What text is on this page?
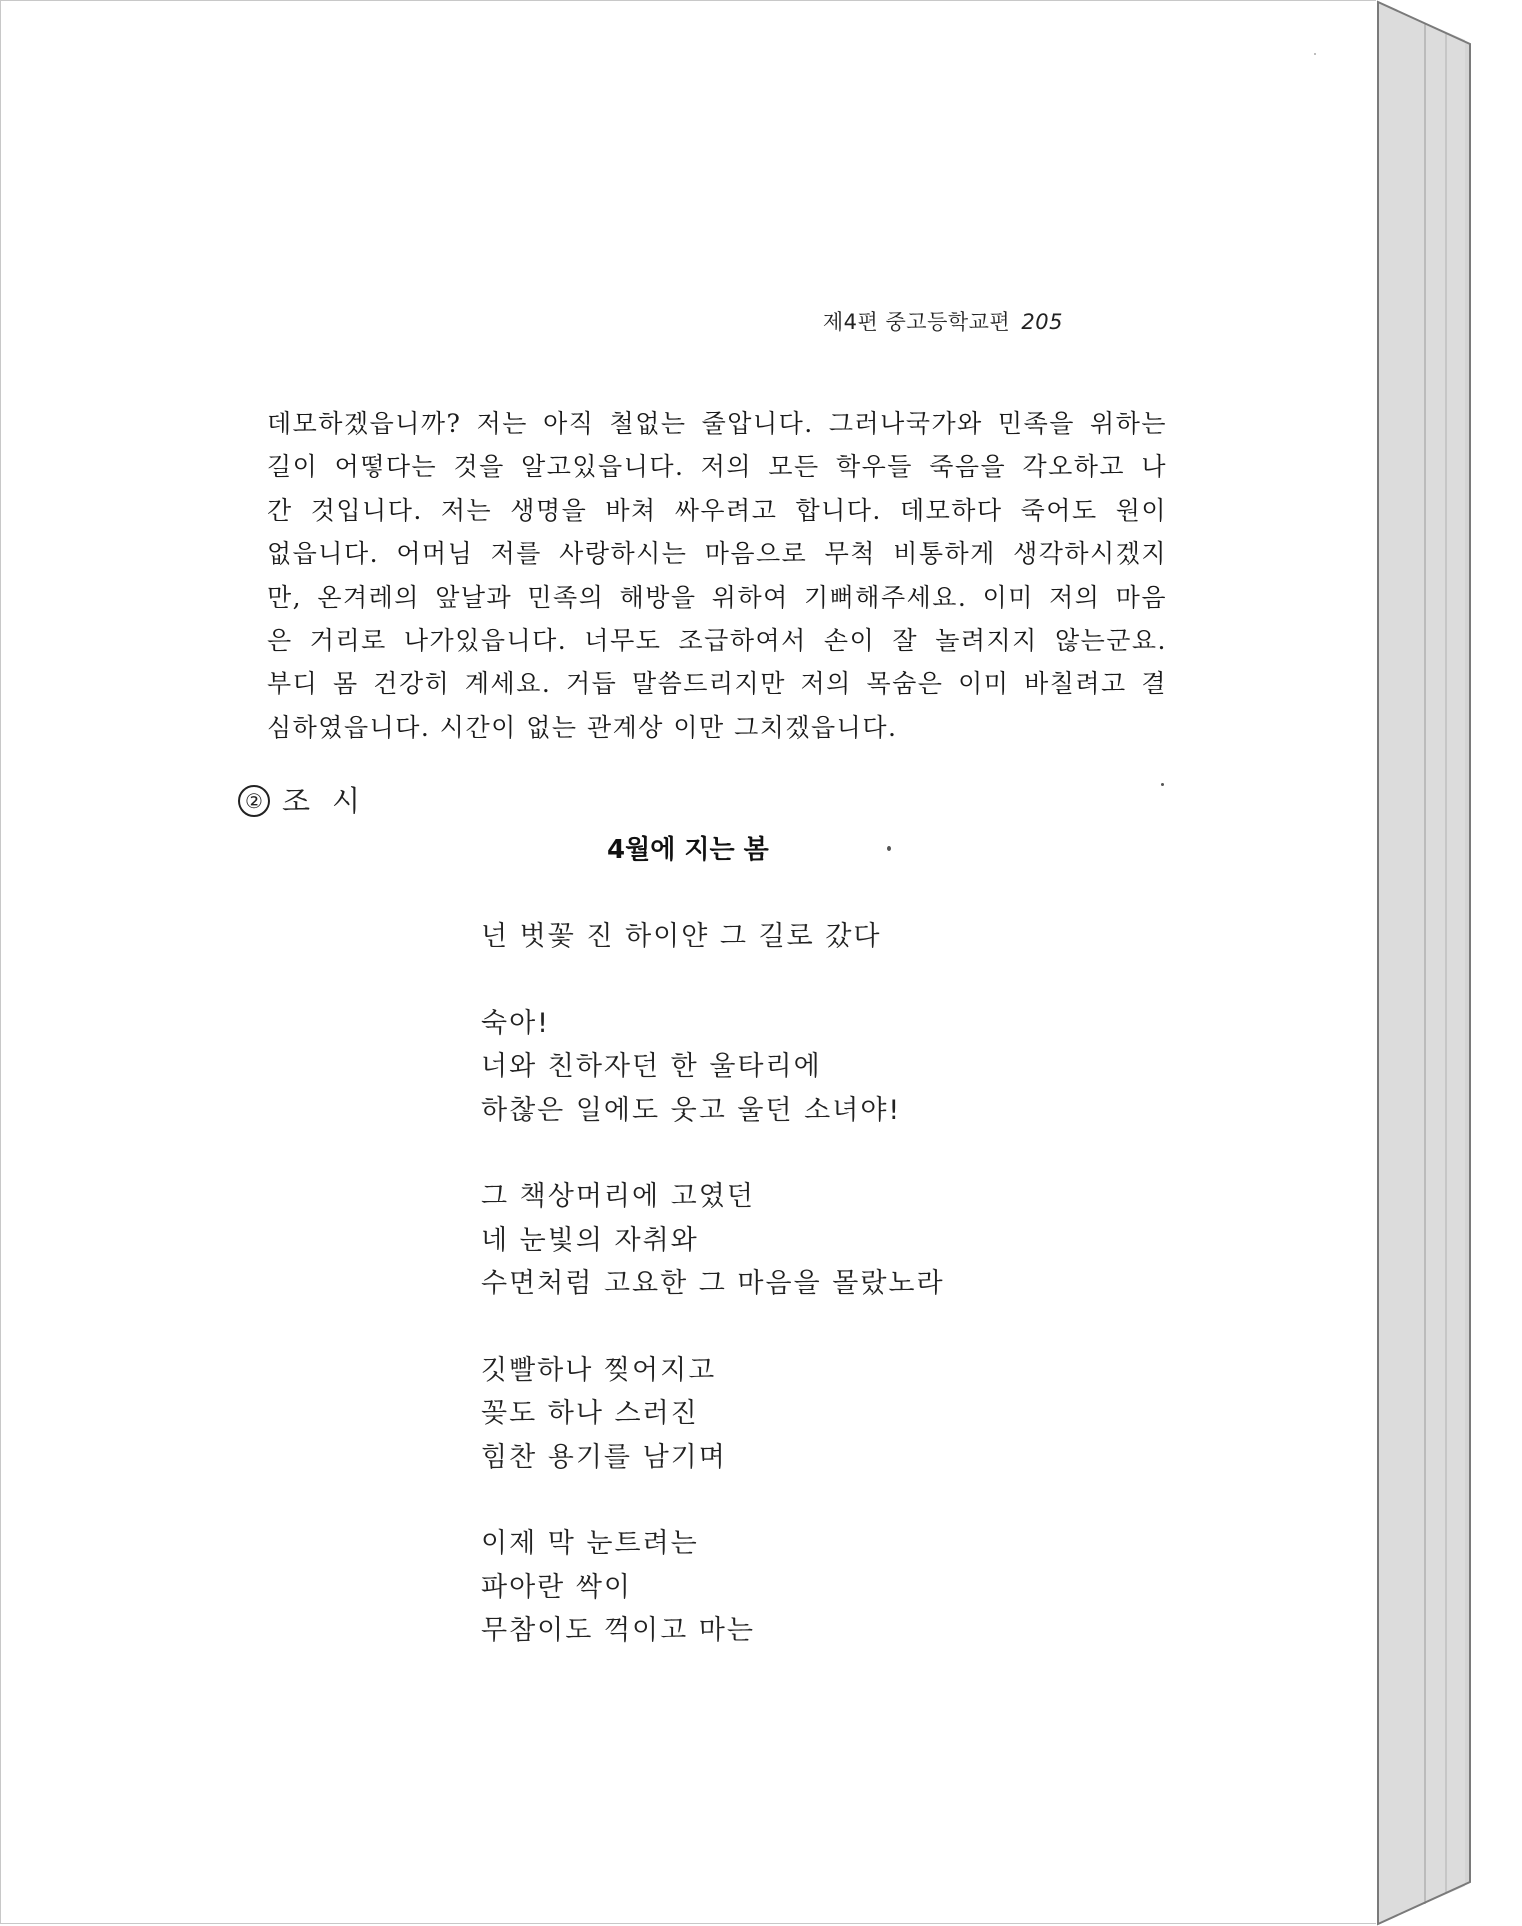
제4편 중고등학교편 205
데모하겠읍니까? 저는 아직 철없는 줄압니다. 그러나국가와 민족을 위하는
길이 어떻다는 것을 알고있읍니다. 저의 모든 학우들 죽음을 각오하고 나
간 것입니다. 저는 생명을 바쳐 싸우려고 합니다. 데모하다 죽어도 원이
없읍니다. 어머님 저를 사랑하시는 마음으로 무척 비통하게 생각하시겠지
만, 온겨레의 앞날과 민족의 해방을 위하여 기뻐해주세요. 이미 저의 마음
은 거리로 나가있읍니다. 너무도 조급하여서 손이 잘 놀려지지 않는군요.
부디 몸 건강히 계세요. 거듭 말씀드리지만 저의 목숨은 이미 바칠려고 결
심하였읍니다. 시간이 없는 관계상 이만 그치겠읍니다.
② 조시
4월에 지는 봄
넌 벗꽃 진 하이얀 그 길로 갔다
숙아!
너와 친하자던 한 울타리에
하찮은 일에도 웃고 울던 소녀야!
그 책상머리에 고였던
네 눈빛의 자취와
수면처럼 고요한 그 마음을 몰랐노라
깃빨하나 찢어지고
꽂도 하나 스러진
힘찬 용기를 남기며
이제 막 눈트려는
파아란 싹이
무참이도 꺽이고 마는
